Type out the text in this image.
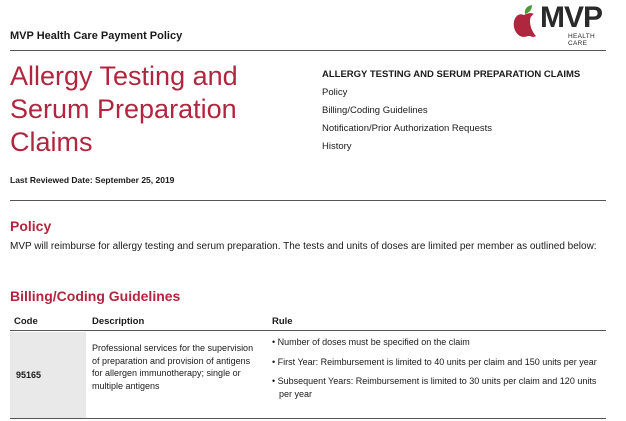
MVP Health Care Payment Policy
MVP
HEALTH CARE
Allergy Testing and Serum Preparation Claims
ALLERGY TESTING AND SERUM PREPARATION CLAIMS
Policy
Billing/Coding Guidelines
Notification/Prior Authorization Requests
History
Last Reviewed Date: September 25, 2019
Policy
MVP will reimburse for allergy testing and serum preparation. The tests and units of doses are limited per member as outlined below:
Billing/Coding Guidelines
Code	Description	Rule
95165
Professional services for the supervision of preparation and provision of antigens for allergen immunotherapy; single or multiple antigens
• Number of doses must be specified on the claim
• First Year: Reimbursement is limited to 40 units per claim and 150 units per year
• Subsequent Years: Reimbursement is limited to 30 units per claim and 120 units per year
